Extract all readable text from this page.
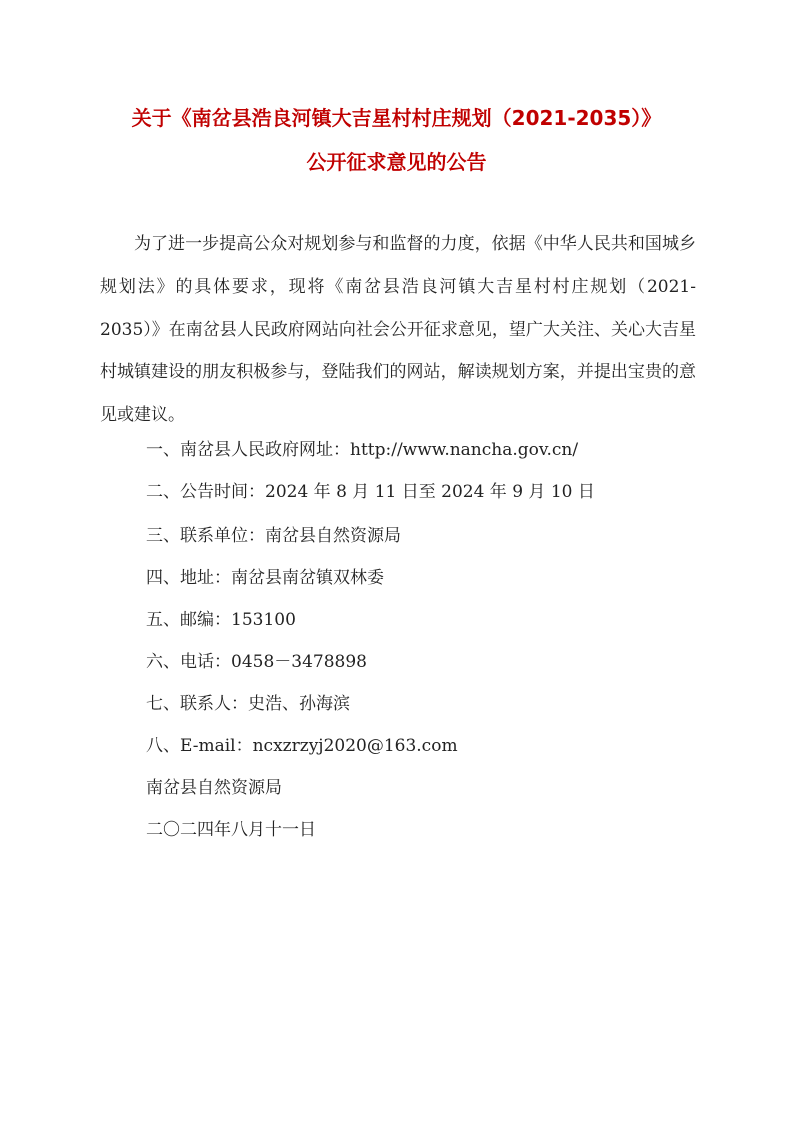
关于《南岔县浩良河镇大吉星村村庄规划（2021-2035）》
公开征求意见的公告

为了进一步提高公众对规划参与和监督的力度，依据《中华人民共和国城乡规划法》的具体要求，现将《南岔县浩良河镇大吉星村村庄规划（2021-2035）》在南岔县人民政府网站向社会公开征求意见，望广大关注、关心大吉星村城镇建设的朋友积极参与，登陆我们的网站，解读规划方案，并提出宝贵的意见或建议。

一、南岔县人民政府网址：http://www.nancha.gov.cn/
二、公告时间：2024 年 8 月 11 日至 2024 年 9 月 10 日
三、联系单位：南岔县自然资源局
四、地址：南岔县南岔镇双林委
五、邮编：153100
六、电话：0458－3478898
七、联系人：史浩、孙海滨
八、E-mail：ncxzrzyj2020@163.com
南岔县自然资源局
二〇二四年八月十一日
